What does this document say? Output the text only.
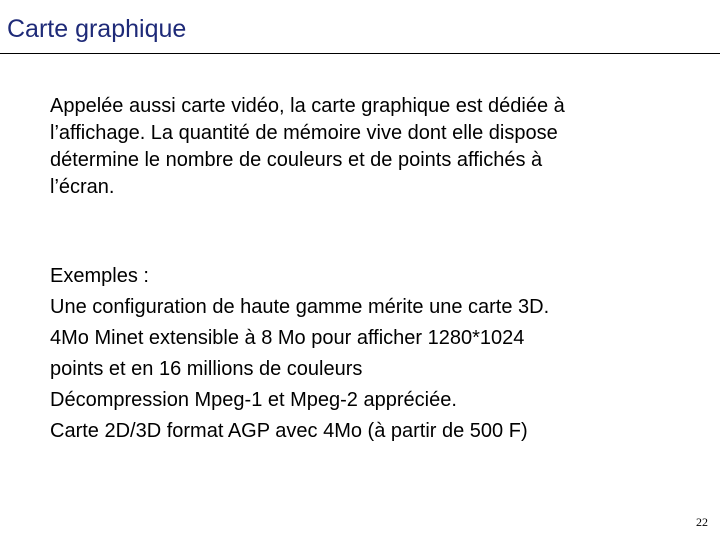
Carte graphique
Appelée aussi carte vidéo, la carte graphique est dédiée à
l’affichage. La quantité de mémoire vive dont elle dispose
détermine le nombre de couleurs et de points affichés à
l’écran.
Exemples :
Une configuration de haute gamme mérite une carte 3D.
4Mo Minet extensible à 8 Mo pour afficher 1280*1024
points et en 16 millions de couleurs
Décompression Mpeg-1 et Mpeg-2 appréciée.
Carte 2D/3D format AGP avec 4Mo (à partir de 500 F)
22
